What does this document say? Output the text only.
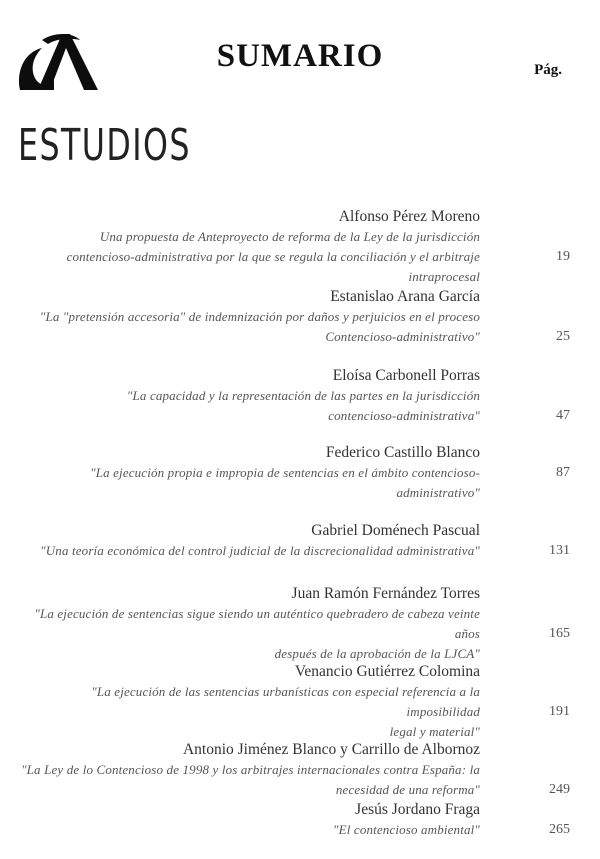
SUMARIO	Pág.
ESTUDIOS
Alfonso Pérez Moreno
Una propuesta de Anteproyecto de reforma de la Ley de la jurisdicción
contencioso-administrativa por la que se regula la conciliación y el arbitraje intraprocesal
19
Estanislao Arana García
"La "pretensión accesoria" de indemnización por daños y perjuicios en el proceso
Contencioso-administrativo"	25
Eloísa Carbonell Porras
"La capacidad y la representación de las partes en la jurisdicción
contencioso-administrativa"	47
Federico Castillo Blanco
"La ejecución propia e impropia de sentencias en el ámbito contencioso-administrativo"
87
Gabriel Doménech Pascual
"Una teoría económica del control judicial de la discrecionalidad administrativa"	131
Juan Ramón Fernández Torres
"La ejecución de sentencias sigue siendo un auténtico quebradero de cabeza veinte años
después de la aprobación de la LJCA"
165
Venancio Gutiérrez Colomina
"La ejecución de las sentencias urbanísticas con especial referencia a la imposibilidad
legal y material"
191
Antonio Jiménez Blanco y Carrillo de Albornoz
"La Ley de lo Contencioso de 1998 y los arbitrajes internacionales contra España: la
necesidad de una reforma"	249
Jesús Jordano Fraga
"El contencioso ambiental"	265
